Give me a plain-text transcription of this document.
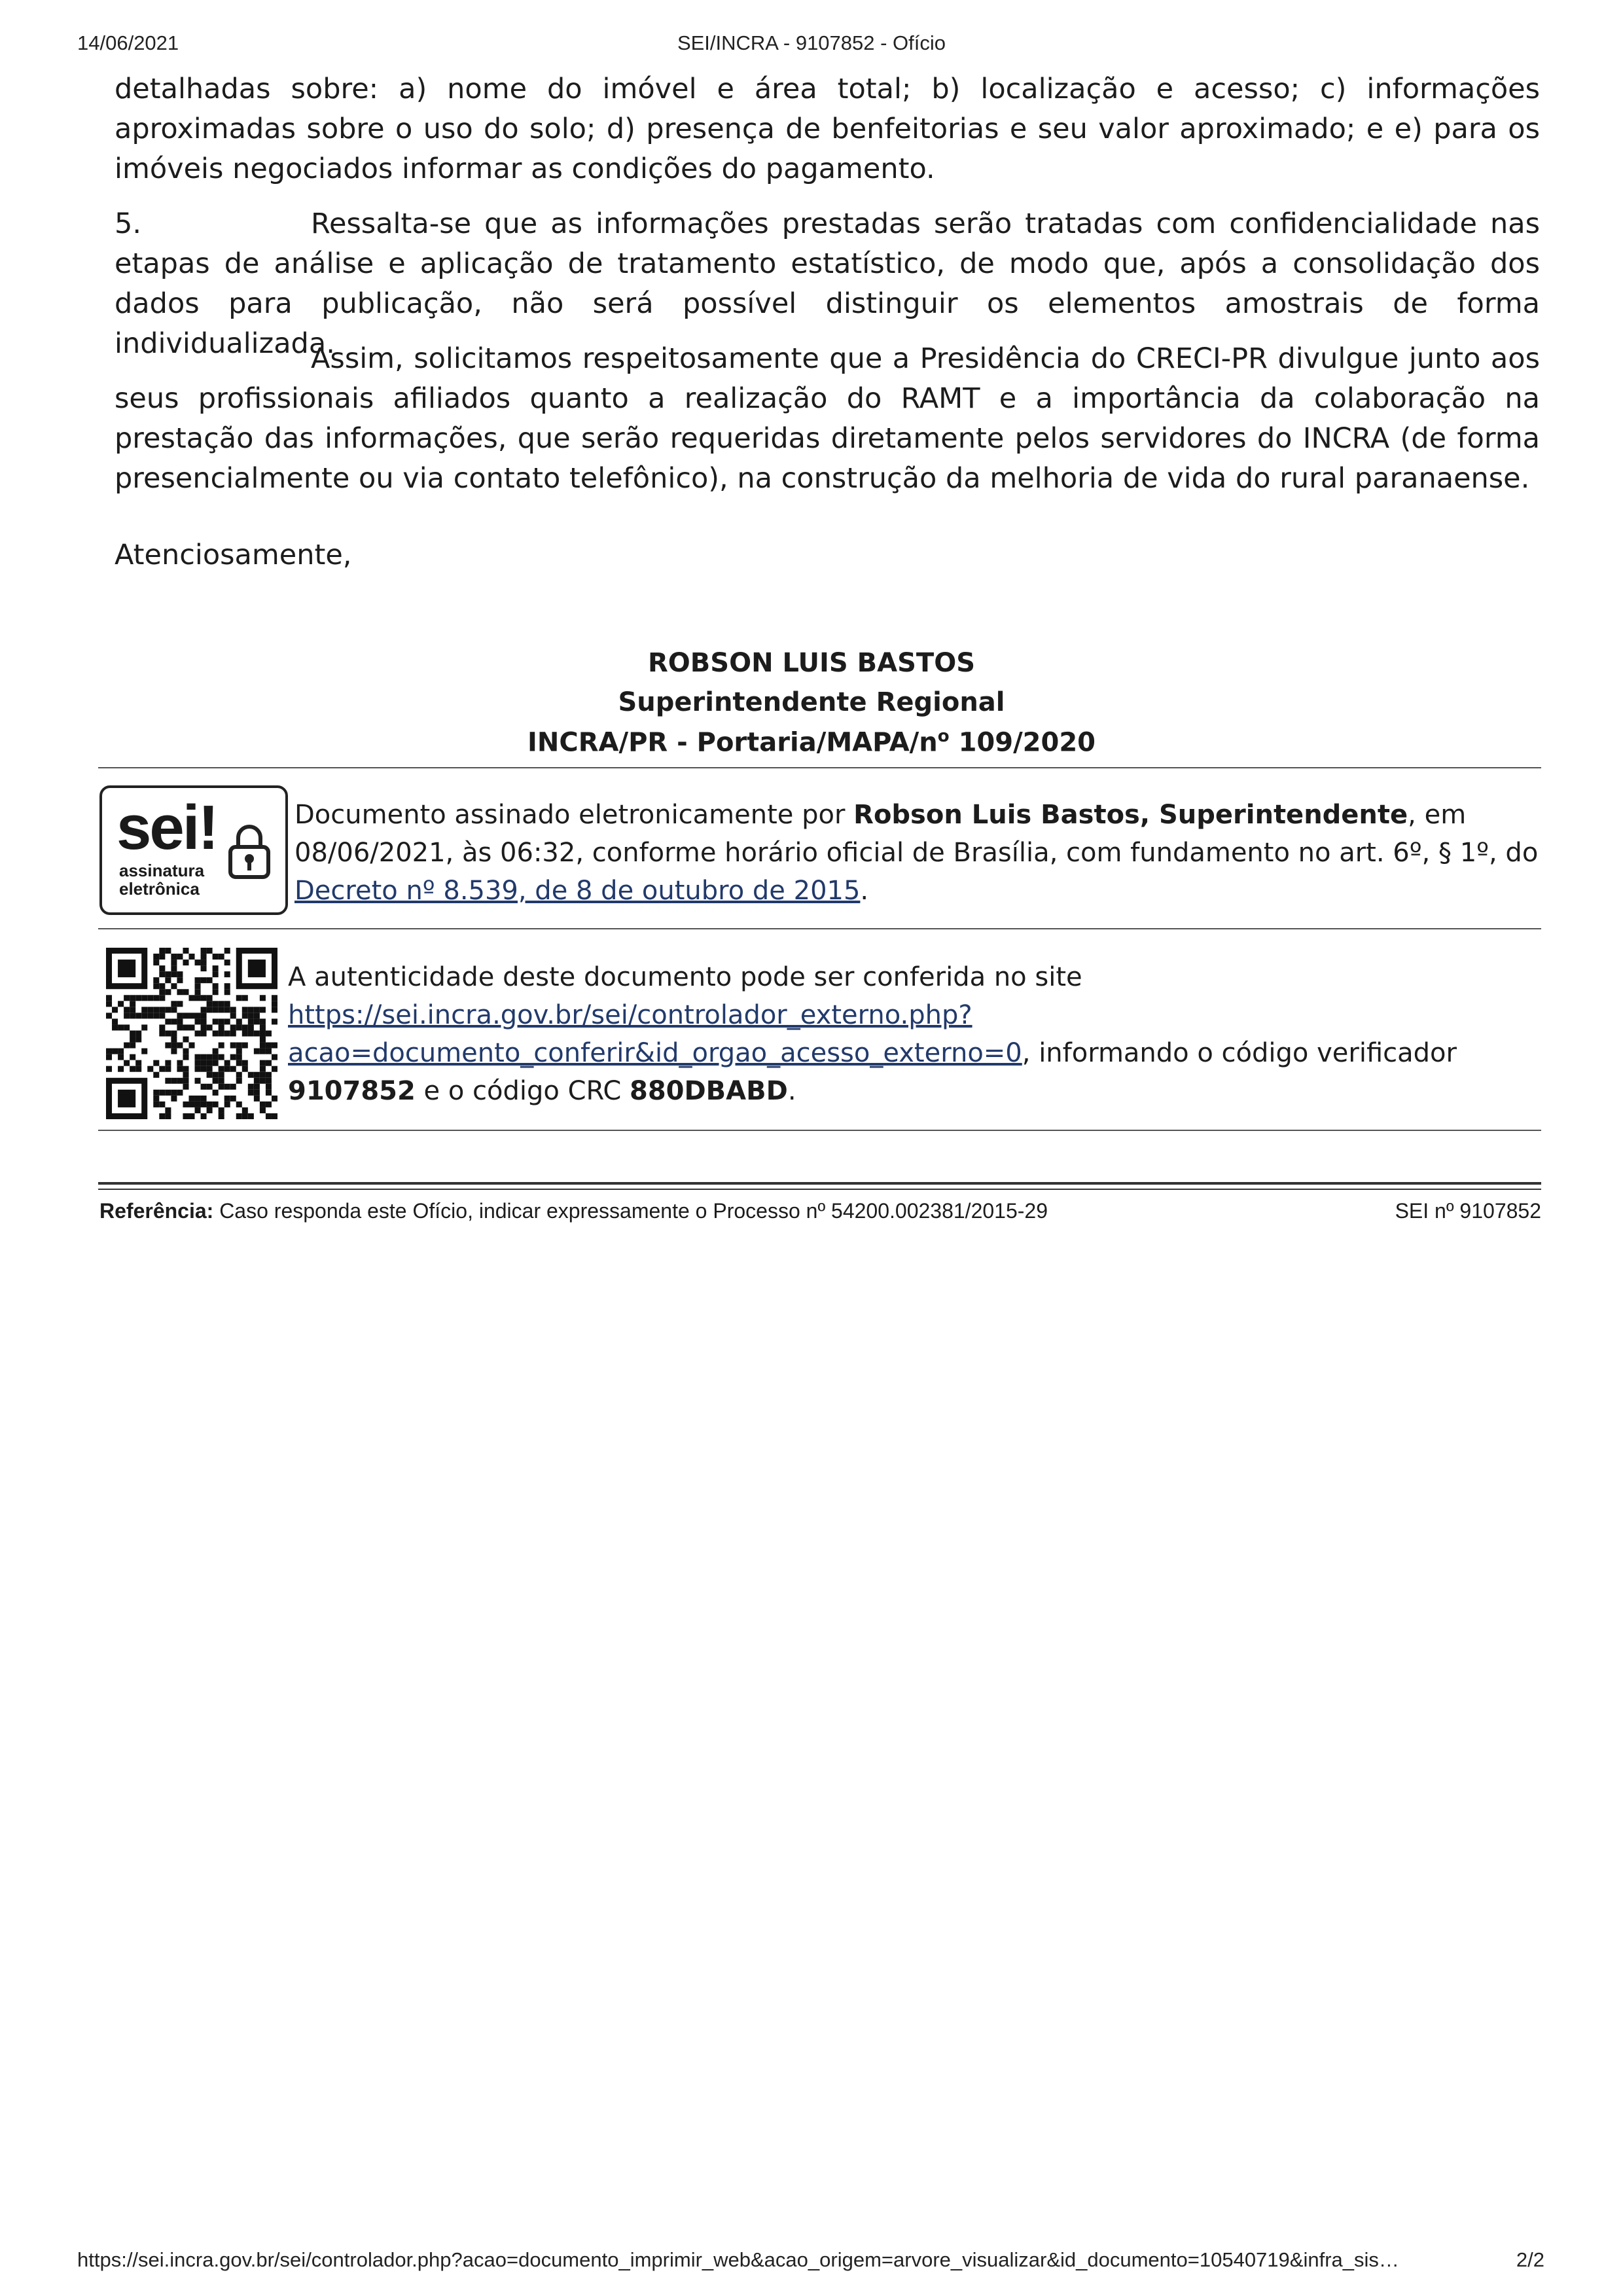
14/06/2021	SEI/INCRA - 9107852 - Ofício
detalhadas sobre: a) nome do imóvel e área total; b) localização e acesso; c) informações aproximadas sobre o uso do solo; d) presença de benfeitorias e seu valor aproximado; e e) para os imóveis negociados informar as condições do pagamento.
5.	Ressalta-se que as informações prestadas serão tratadas com confidencialidade nas etapas de análise e aplicação de tratamento estatístico, de modo que, após a consolidação dos dados para publicação, não será possível distinguir os elementos amostrais de forma individualizada.
Assim, solicitamos respeitosamente que a Presidência do CRECI-PR divulgue junto aos seus profissionais afiliados quanto a realização do RAMT e a importância da colaboração na prestação das informações, que serão requeridas diretamente pelos servidores do INCRA (de forma presencialmente ou via contato telefônico), na construção da melhoria de vida do rural paranaense.
Atenciosamente,
ROBSON LUIS BASTOS
Superintendente Regional
INCRA/PR - Portaria/$MAPA/n^o$ 109/2020
sei!
assinatura
eletrônica
Documento assinado eletronicamente por Robson Luis Bastos, Superintendente, em 08/06/2021, às 06:32, conforme horário oficial de Brasília, com fundamento no art. 6º, § 1º, do Decreto nº 8.539, de 8 de outubro de 2015.
A autenticidade deste documento pode ser conferida no site
https://sei.incra.gov.br/sei/controlador_externo.php?
acao=documento_conferir&id_orgao_acesso_externo=0, informando o código verificador 9107852 e o código CRC 880DBABD.
Referência: Caso responda este Ofício, indicar expressamente o Processo nº 54200.002381/2015-29	SEI nº 9107852
https://sei.incra.gov.br/sei/controlador.php?acao=documento_imprimir_web&acao_origem=arvore_visualizar&id_documento=10540719&infra_sis…	2/2
